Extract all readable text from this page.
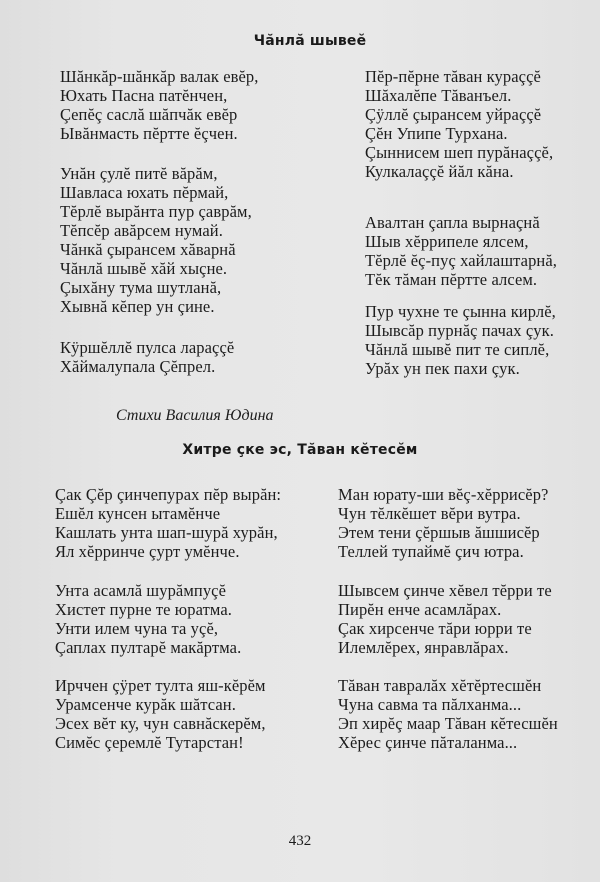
Чăнлă шывеĕ
Шăнкăр-шăнкăр валак евĕр,
Юхать Пасна патĕнчен,
Çепĕç саслă шăпчăк евĕр
Ывăнмасть пĕртте ĕçчен.
Унăн çулĕ питĕ вăрăм,
Шавласа юхать пĕрмай,
Тĕрлĕ вырăнта пур çаврăм,
Тĕпсĕр авăрсем нумай.
Чăнкă çырансем хăварнă
Чăнлă шывĕ хăй хыçне.
Çыхăну тума шутланă,
Хывнă кĕпер ун çине.
Кÿршĕллĕ пулса лараççĕ
Хăймалупала Çĕпрел.
Пĕр-пĕрне тăван кураççĕ
Шăхалĕпе Тăванъел.
Çÿллĕ çырансем уйраççĕ
Çĕн Упипе Турхана.
Çыннисем шеп пурăнаççĕ,
Кулкалаççĕ йăл кăна.
Авалтан çапла вырнаçнă
Шыв хĕррипеле ялсем,
Тĕрлĕ ĕç-пуç хайлаштарнă,
Тĕк тăман пĕртте алсем.
Пур чухне те çынна кирлĕ,
Шывсăр пурнăç пачах çук.
Чăнлă шывĕ пит те сиплĕ,
Урăх ун пек пахи çук.
Стихи Василия Юдина
Хитре çке эс, Тăван кĕтесĕм
Çак Çĕр çинчепурах пĕр вырăн:
Ешĕл кунсен ытамĕнче
Кашлать унта шап-шурă хурăн,
Ял хĕрринче çурт умĕнче.
Унта асамлă шурăмпуçĕ
Хистет пурне те юратма.
Унти илем чуна та уçĕ,
Çаплах пултарĕ макăртма.
Ирччен çÿрет тулта яш-кĕрĕм
Урамсенче курăк шăтсан.
Эсех вĕт ку, чун савнăскерĕм,
Симĕс çеремлĕ Тутарстан!
Ман юрату-ши вĕç-хĕррисĕр?
Чун тĕлкĕшет вĕри вутра.
Этем тени çĕршыв ăшшисĕр
Теллей тупаймĕ çич ютра.
Шывсем çинче хĕвел тĕрри те
Пирĕн енче асамлăрах.
Çак хирсенче тăри юрри те
Илемлĕрех, янравлăрах.
Тăван тавралăх хĕтĕртесшĕн
Чуна савма та пăлханма...
Эп хирĕç маар Тăван кĕтесшĕн
Хĕрес çинче пăталанма...
432
